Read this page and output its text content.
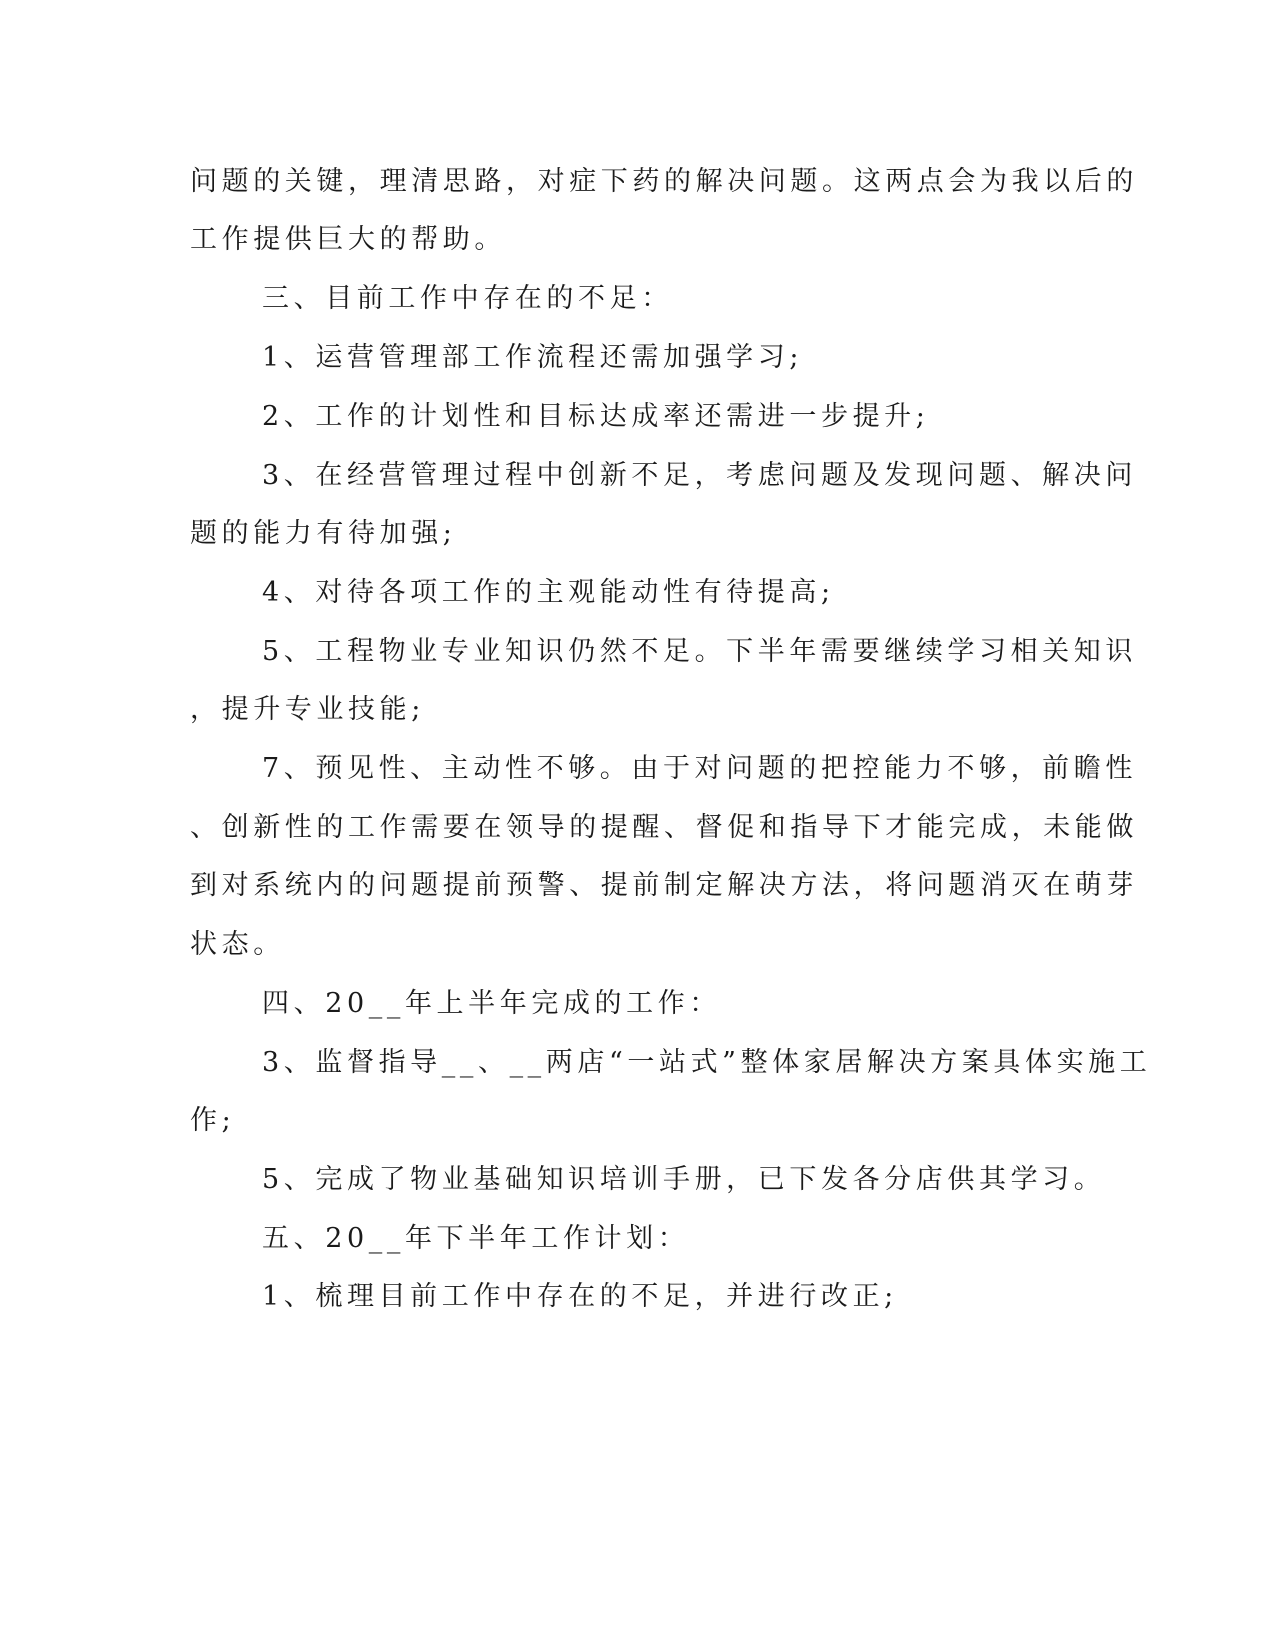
问题的关键，理清思路，对症下药的解决问题。这两点会为我以后的
工作提供巨大的帮助。
三、目前工作中存在的不足：
1、运营管理部工作流程还需加强学习;
2、工作的计划性和目标达成率还需进一步提升;
3、在经营管理过程中创新不足，考虑问题及发现问题、解决问
题的能力有待加强;
4、对待各项工作的主观能动性有待提高;
5、工程物业专业知识仍然不足。下半年需要继续学习相关知识
，提升专业技能;
7、预见性、主动性不够。由于对问题的把控能力不够，前瞻性
、创新性的工作需要在领导的提醒、督促和指导下才能完成，未能做
到对系统内的问题提前预警、提前制定解决方法，将问题消灭在萌芽
状态。
四、20__年上半年完成的工作：
3、监督指导__、__两店“一站式”整体家居解决方案具体实施工
作;
5、完成了物业基础知识培训手册，已下发各分店供其学习。
五、20__年下半年工作计划：
1、梳理目前工作中存在的不足，并进行改正;
